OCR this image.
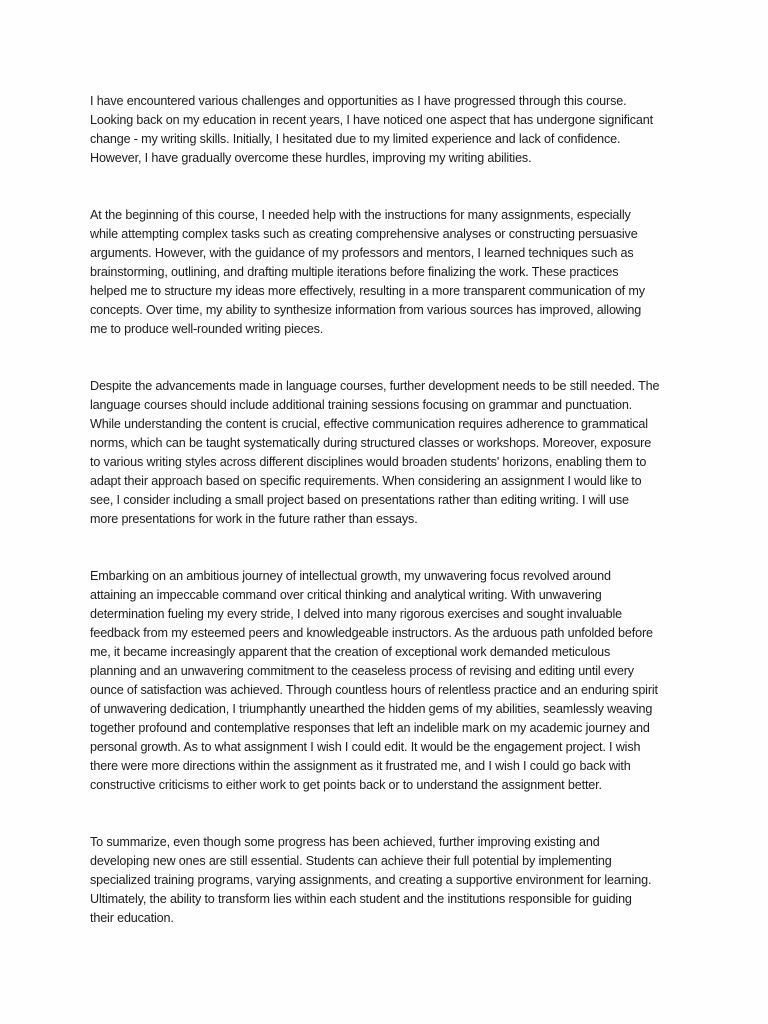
I have encountered various challenges and opportunities as I have progressed through this course.
Looking back on my education in recent years, I have noticed one aspect that has undergone significant
change - my writing skills. Initially, I hesitated due to my limited experience and lack of confidence.
However, I have gradually overcome these hurdles, improving my writing abilities.

At the beginning of this course, I needed help with the instructions for many assignments, especially
while attempting complex tasks such as creating comprehensive analyses or constructing persuasive
arguments. However, with the guidance of my professors and mentors, I learned techniques such as
brainstorming, outlining, and drafting multiple iterations before finalizing the work. These practices
helped me to structure my ideas more effectively, resulting in a more transparent communication of my
concepts. Over time, my ability to synthesize information from various sources has improved, allowing
me to produce well-rounded writing pieces.

Despite the advancements made in language courses, further development needs to be still needed. The
language courses should include additional training sessions focusing on grammar and punctuation.
While understanding the content is crucial, effective communication requires adherence to grammatical
norms, which can be taught systematically during structured classes or workshops. Moreover, exposure
to various writing styles across different disciplines would broaden students' horizons, enabling them to
adapt their approach based on specific requirements. When considering an assignment I would like to
see, I consider including a small project based on presentations rather than editing writing. I will use
more presentations for work in the future rather than essays.

Embarking on an ambitious journey of intellectual growth, my unwavering focus revolved around
attaining an impeccable command over critical thinking and analytical writing. With unwavering
determination fueling my every stride, I delved into many rigorous exercises and sought invaluable
feedback from my esteemed peers and knowledgeable instructors. As the arduous path unfolded before
me, it became increasingly apparent that the creation of exceptional work demanded meticulous
planning and an unwavering commitment to the ceaseless process of revising and editing until every
ounce of satisfaction was achieved. Through countless hours of relentless practice and an enduring spirit
of unwavering dedication, I triumphantly unearthed the hidden gems of my abilities, seamlessly weaving
together profound and contemplative responses that left an indelible mark on my academic journey and
personal growth. As to what assignment I wish I could edit. It would be the engagement project. I wish
there were more directions within the assignment as it frustrated me, and I wish I could go back with
constructive criticisms to either work to get points back or to understand the assignment better.

To summarize, even though some progress has been achieved, further improving existing and
developing new ones are still essential. Students can achieve their full potential by implementing
specialized training programs, varying assignments, and creating a supportive environment for learning.
Ultimately, the ability to transform lies within each student and the institutions responsible for guiding
their education.
